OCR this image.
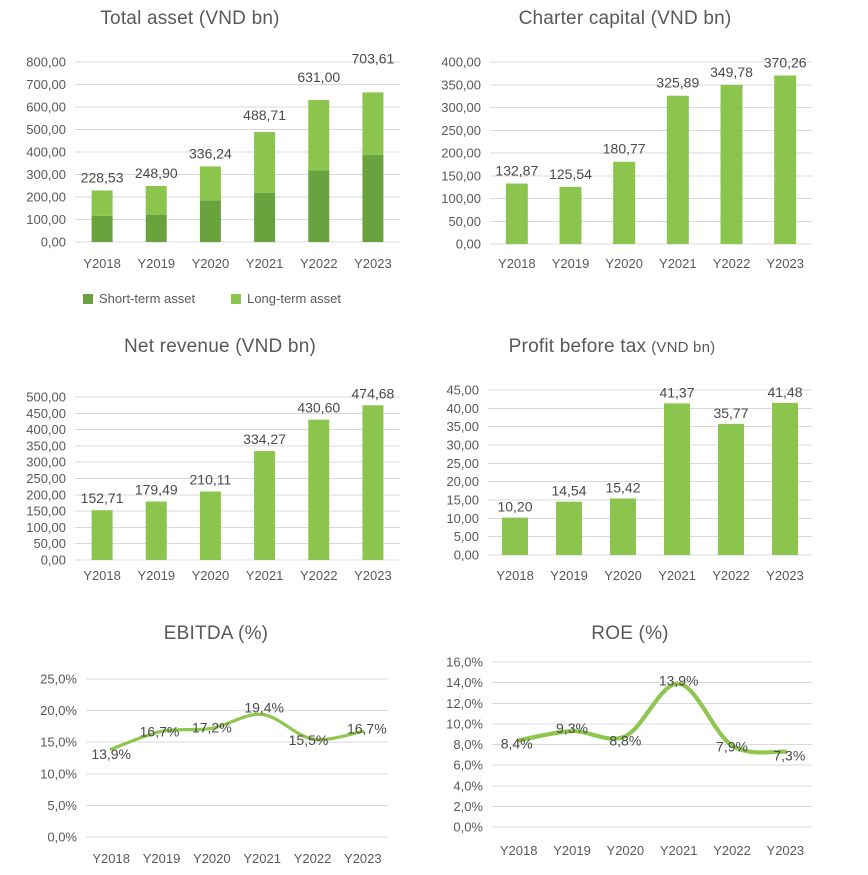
Total asset (VND bn)
800,00
700,00
600,00
500,00
400,00
300,00
200,00
100,00
0,00
Y2018 Y2019 Y2020 Y2021 Y2022 Y2023
228,53 248,90
336,24
488,71
631,00
703,61
Short-term asset	Long-term asset
Charter capital (VND bn)
400,00
350,00
300,00
250,00
200,00
150,00
100,00
50,00
0,00
Y2018 Y2019 Y2020 Y2021 Y2022 Y2023
132,87 125,54
180,77
325,89
349,78
370,26
Net revenue (VND bn)
500,00
450,00
400,00
350,00
300,00
250,00
200,00
150,00
100,00
50,00
0,00
Y2018 Y2019 Y2020 Y2021 Y2022 Y2023
152,71
179,49
210,11
334,27
430,60
474,68
Profit before tax (VND bn)
45,00
40,00
35,00
30,00
25,00
20,00
15,00
10,00
5,00
0,00
Y2018 Y2019 Y2020 Y2021 Y2022 Y2023
10,20
14,54 15,42
41,37
35,77
41,48
EBITDA (%)
25,0%
20,0%
15,0%
10,0%
5,0%
0,0%
Y2018 Y2019 Y2020 Y2021 Y2022 Y2023
13,9%
16,7% 17,2%
19,4%
15,5%
16,7%
ROE (%)
16,0%
14,0%
12,0%
10,0%
8,0%
6,0%
4,0%
2,0%
0,0%
Y2018 Y2019 Y2020 Y2021 Y2022 Y2023
8,4%
9,3%
8,8%
13,9%
7,9%
7,3%
